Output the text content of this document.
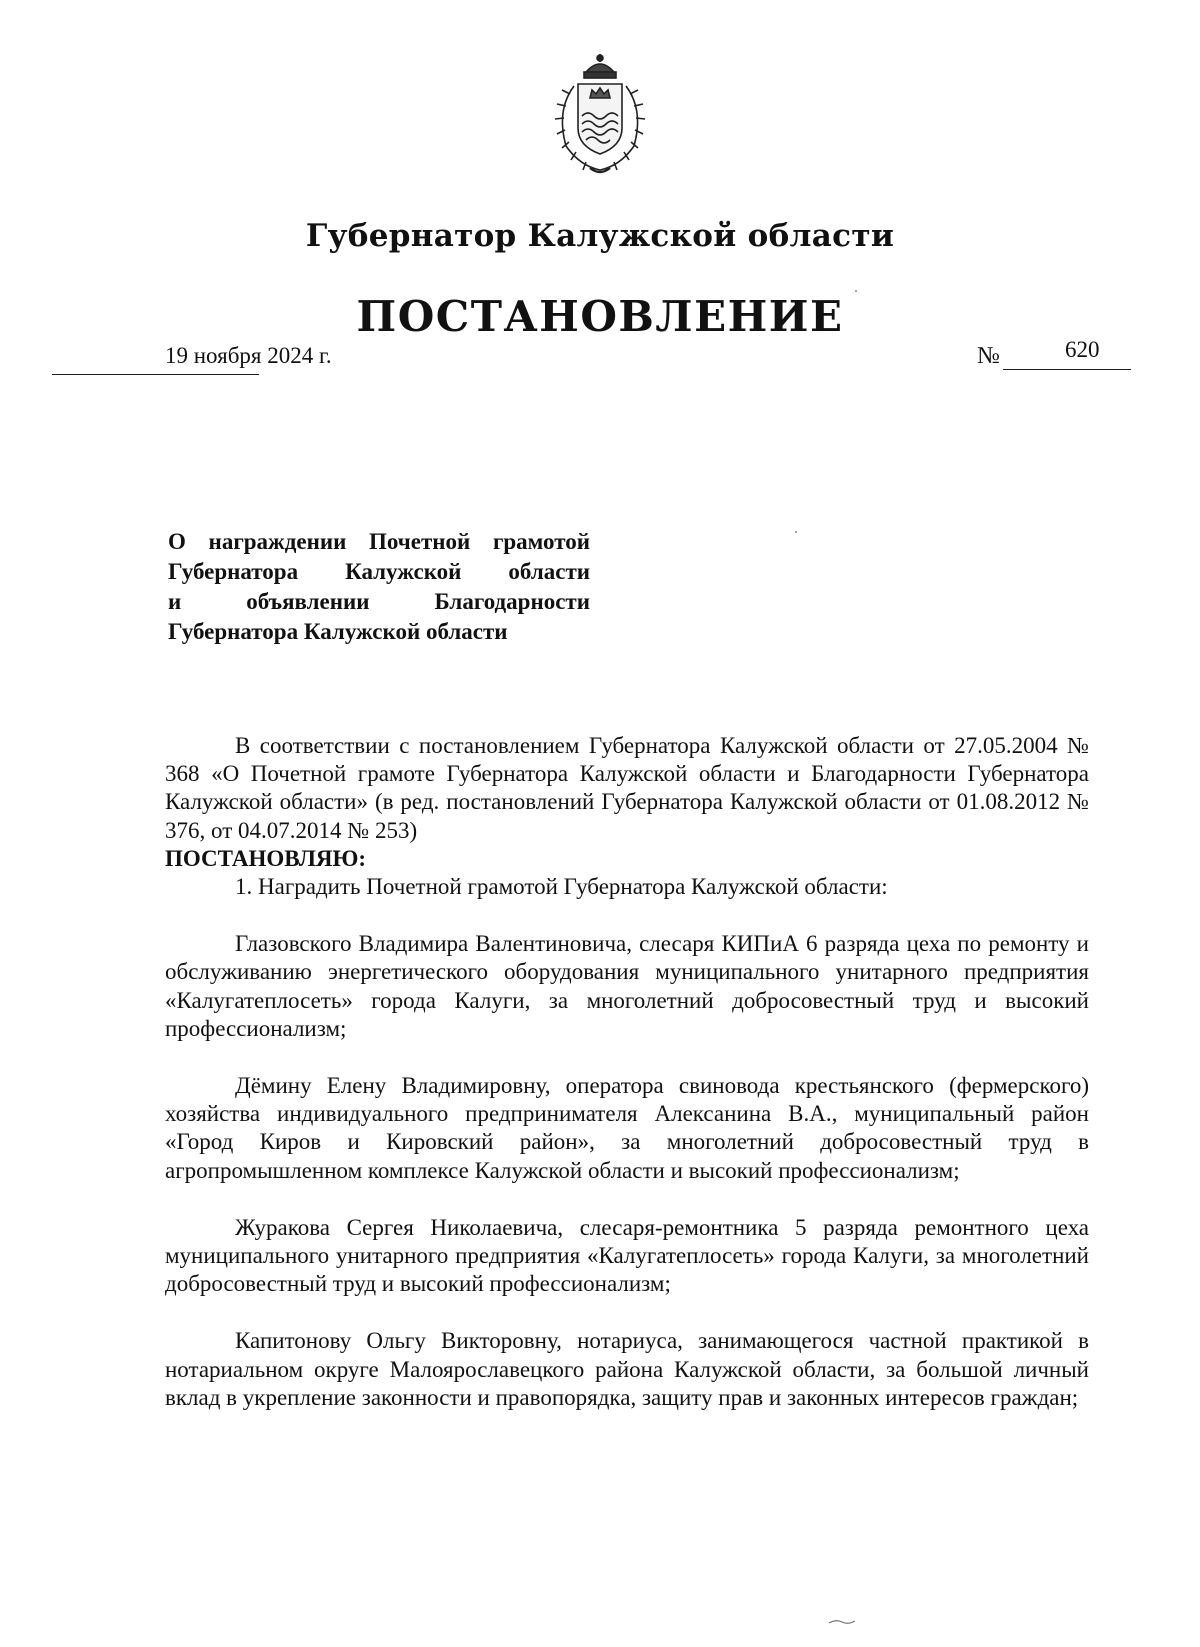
Губернатор Калужской области
ПОСТАНОВЛЕНИЕ
19 ноября 2024 г.	№	620
О награждении Почетной грамотой
Губернатора Калужской области
и объявлении Благодарности
Губернатора Калужской области

В соответствии с постановлением Губернатора Калужской области от 27.05.2004 № 368 «О Почетной грамоте Губернатора Калужской области и Благодарности Губернатора Калужской области» (в ред. постановлений Губернатора Калужской области от 01.08.2012 № 376, от 04.07.2014 № 253)

ПОСТАНОВЛЯЮ:

1. Наградить Почетной грамотой Губернатора Калужской области:

Глазовского Владимира Валентиновича, слесаря КИПиА 6 разряда цеха по ремонту и обслуживанию энергетического оборудования муниципального унитарного предприятия «Калугатеплосеть» города Калуги, за многолетний добросовестный труд и высокий профессионализм;

Дёмину Елену Владимировну, оператора свиновода крестьянского (фермерского) хозяйства индивидуального предпринимателя Алексанина В.А., муниципальный район «Город Киров и Кировский район», за многолетний добросовестный труд в агропромышленном комплексе Калужской области и высокий профессионализм;

Журакова Сергея Николаевича, слесаря-ремонтника 5 разряда ремонтного цеха муниципального унитарного предприятия «Калугатеплосеть» города Калуги, за многолетний добросовестный труд и высокий профессионализм;

Капитонову Ольгу Викторовну, нотариуса, занимающегося частной практикой в нотариальном округе Малоярославецкого района Калужской области, за большой личный вклад в укрепление законности и правопорядка, защиту прав и законных интересов граждан;
